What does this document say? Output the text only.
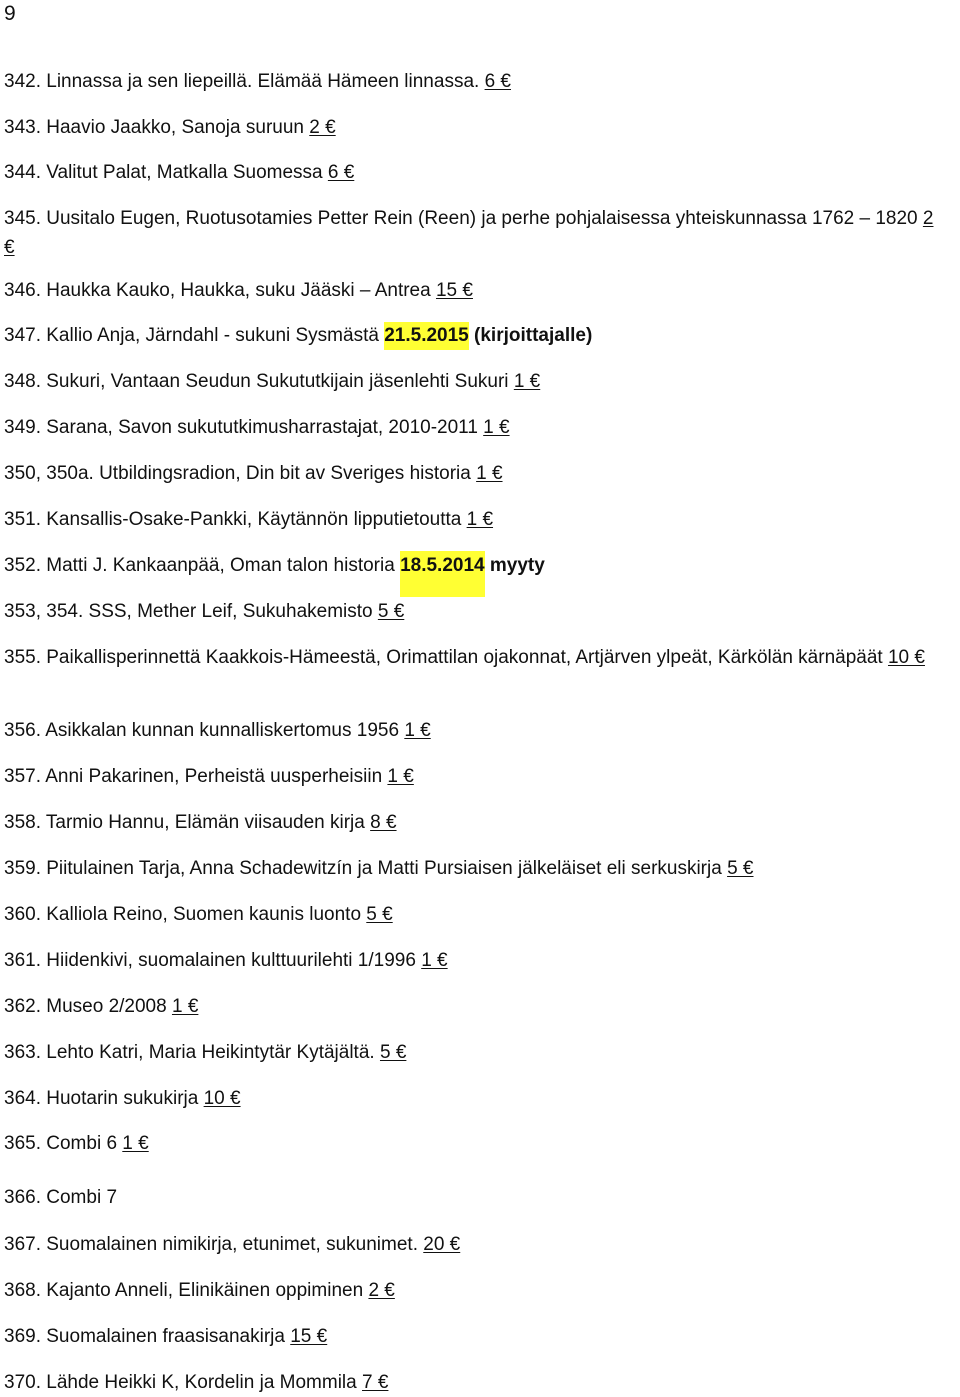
9
342. Linnassa ja sen liepeillä. Elämää Hämeen linnassa. 6 €
343. Haavio Jaakko, Sanoja suruun 2 €
344. Valitut Palat, Matkalla Suomessa 6 €
345. Uusitalo Eugen, Ruotusotamies Petter Rein (Reen) ja perhe pohjalaisessa yhteiskunnassa 1762 – 1820 2 €
346. Haukka Kauko, Haukka, suku Jääski – Antrea 15 €
347. Kallio Anja, Järndahl - sukuni Sysmästä 21.5.2015 (kirjoittajalle)
348. Sukuri, Vantaan Seudun Sukututkijain jäsenlehti Sukuri 1 €
349. Sarana, Savon sukututkimusharrastajat, 2010-2011 1 €
350, 350a. Utbildingsradion, Din bit av Sveriges historia 1 €
351. Kansallis-Osake-Pankki, Käytännön lipputietoutta 1 €
352. Matti J. Kankaanpää, Oman talon historia 18.5.2014 myyty
353, 354. SSS, Mether Leif, Sukuhakemisto 5 €
355. Paikallisperinnettä Kaakkois-Hämeestä, Orimattilan ojakonnat, Artjärven ylpeät, Kärkölän kärnäpäät 10 €
356. Asikkalan kunnan kunnalliskertomus 1956 1 €
357. Anni Pakarinen, Perheistä uusperheisiin 1 €
358. Tarmio Hannu, Elämän viisauden kirja 8 €
359. Piitulainen Tarja, Anna Schadewitzín ja Matti Pursiaisen jälkeläiset eli serkuskirja 5 €
360. Kalliola Reino, Suomen kaunis luonto 5 €
361. Hiidenkivi, suomalainen kulttuurilehti 1/1996 1 €
362. Museo 2/2008 1 €
363. Lehto Katri, Maria Heikintytär Kytäjältä. 5 €
364. Huotarin sukukirja 10 €
365. Combi 6 1 €
366. Combi 7
367. Suomalainen nimikirja, etunimet, sukunimet. 20 €
368. Kajanto Anneli, Elinikäinen oppiminen 2 €
369. Suomalainen fraasisanakirja 15 €
370. Lähde Heikki K, Kordelin ja Mommila 7 €
